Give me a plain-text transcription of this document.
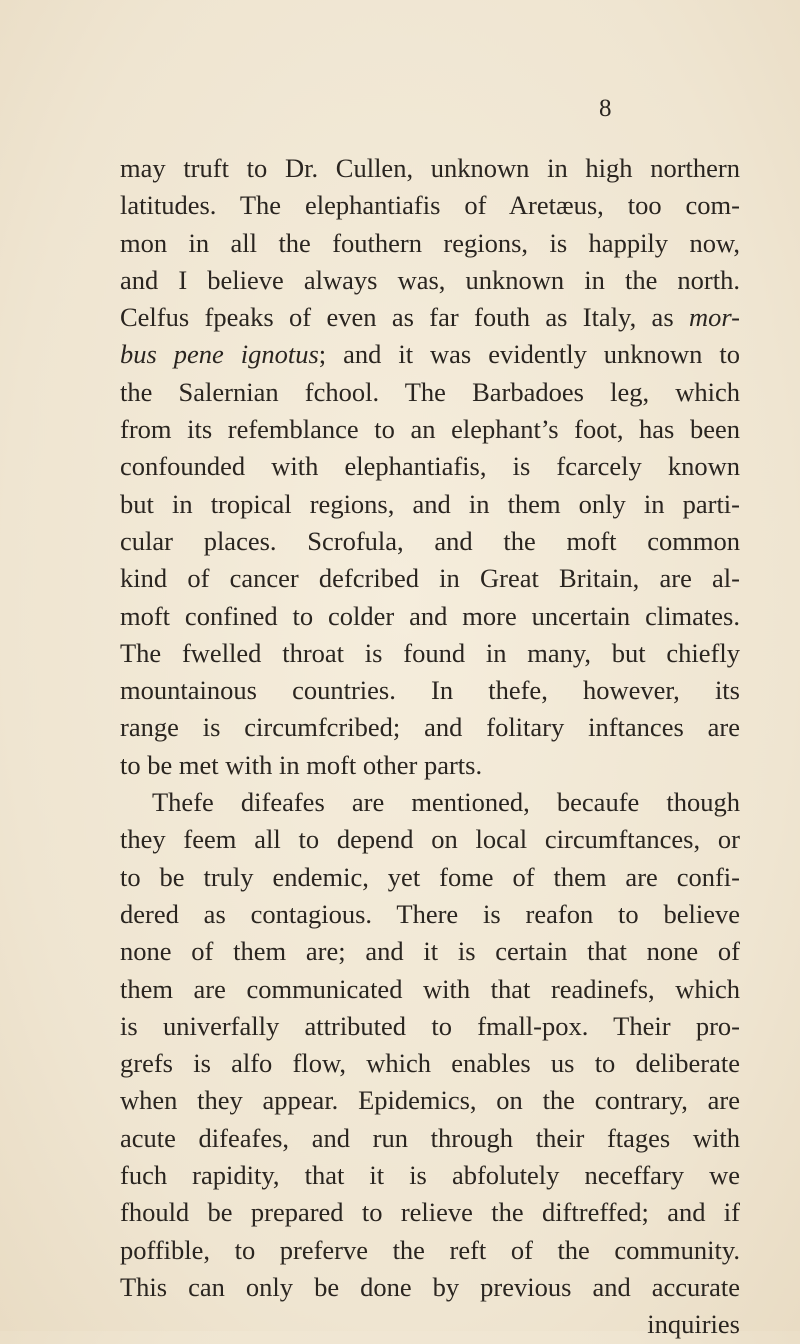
8
may truft to Dr. Cullen, unknown in high northern
latitudes. The elephantiafis of Aretæus, too com-
mon in all the fouthern regions, is happily now,
and I believe always was, unknown in the north.
Celfus fpeaks of even as far fouth as Italy, as mor-
bus pene ignotus; and it was evidently unknown to
the Salernian fchool. The Barbadoes leg, which
from its refemblance to an elephant’s foot, has been
confounded with elephantiafis, is fcarcely known
but in tropical regions, and in them only in parti-
cular places. Scrofula, and the moft common
kind of cancer defcribed in Great Britain, are al-
moft confined to colder and more uncertain climates.
The fwelled throat is found in many, but chiefly
mountainous countries. In thefe, however, its
range is circumfcribed; and folitary inftances are
to be met with in moft other parts.
Thefe difeafes are mentioned, becaufe though
they feem all to depend on local circumftances, or
to be truly endemic, yet fome of them are confi-
dered as contagious. There is reafon to believe
none of them are; and it is certain that none of
them are communicated with that readinefs, which
is univerfally attributed to fmall-pox. Their pro-
grefs is alfo flow, which enables us to deliberate
when they appear. Epidemics, on the contrary, are
acute difeafes, and run through their ftages with
fuch rapidity, that it is abfolutely neceffary we
fhould be prepared to relieve the diftreffed; and if
poffible, to preferve the reft of the community.
This can only be done by previous and accurate
inquiries
